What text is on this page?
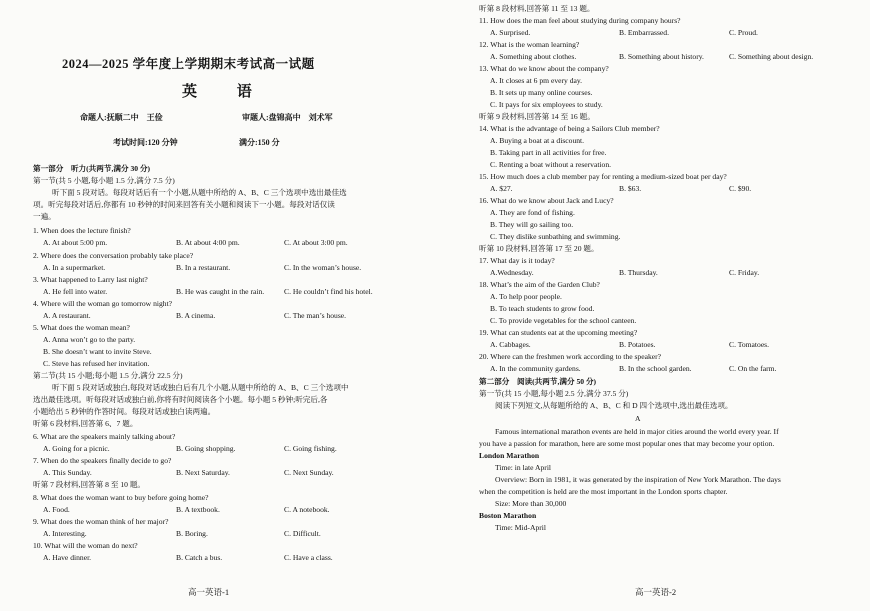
2024—2025 学年度上学期期末考试高一试题
英 语
命题人:抚顺二中　王俭	审题人:盘锦高中　刘术军
考试时间:120 分钟	满分:150 分
第一部分　听力(共两节,满分 30 分)
第一节(共 5 小题,每小题 1.5 分,满分 7.5 分)
听下面 5 段对话。每段对话后有一个小题,从题中所给的 A、B、C 三个选项中选出最佳选
项。听完每段对话后,你都有 10 秒钟的时间来回答有关小题和阅读下一小题。每段对话仅读
一遍。
1. When does the lecture finish?
A. At about 5:00 pm.	B. At about 4:00 pm.	C. At about 3:00 pm.
2. Where does the conversation probably take place?
A. In a supermarket.	B. In a restaurant.	C. In the woman’s house.
3. What happened to Larry last night?
A. He fell into water.	B. He was caught in the rain.	C. He couldn’t find his hotel.
4. Where will the woman go tomorrow night?
A. A restaurant.	B. A cinema.	C. The man’s house.
5. What does the woman mean?
A. Anna won’t go to the party.
B. She doesn’t want to invite Steve.
C. Steve has refused her invitation.
第二节(共 15 小题;每小题 1.5 分,满分 22.5 分)
听下面 5 段对话或独白,每段对话或独白后有几个小题,从题中所给的 A、B、C 三个选项中
选出最佳选项。听每段对话或独白前,你将有时间阅读各个小题。每小题 5 秒钟;听完后,各
小题给出 5 秒钟的作答时间。每段对话或独白读两遍。
听第 6 段材料,回答第 6、7 题。
6. What are the speakers mainly talking about?
A. Going for a picnic.	B. Going shopping.	C. Going fishing.
7. When do the speakers finally decide to go?
A. This Sunday.	B. Next Saturday.	C. Next Sunday.
听第 7 段材料,回答第 8 至 10 题。
8. What does the woman want to buy before going home?
A. Food.	B. A textbook.	C. A notebook.
9. What does the woman think of her major?
A. Interesting.	B. Boring.	C. Difficult.
10. What will the woman do next?
A. Have dinner.	B. Catch a bus.	C. Have a class.
高一英语-1
听第 8 段材料,回答第 11 至 13 题。
11. How does the man feel about studying during company hours?
A. Surprised.	B. Embarrassed.	C. Proud.
12. What is the woman learning?
A. Something about clothes.	B. Something about history.	C. Something about design.
13. What do we know about the company?
A. It closes at 6 pm every day.
B. It sets up many online courses.
C. It pays for six employees to study.
听第 9 段材料,回答第 14 至 16 题。
14. What is the advantage of being a Sailors Club member?
A. Buying a boat at a discount.
B. Taking part in all activities for free.
C. Renting a boat without a reservation.
15. How much does a club member pay for renting a medium-sized boat per day?
A. $27.	B. $63.	C. $90.
16. What do we know about Jack and Lucy?
A. They are fond of fishing.
B. They will go sailing too.
C. They dislike sunbathing and swimming.
听第 10 段材料,回答第 17 至 20 题。
17. What day is it today?
A.Wednesday.	B. Thursday.	C. Friday.
18. What’s the aim of the Garden Club?
A. To help poor people.
B. To teach students to grow food.
C. To provide vegetables for the school canteen.
19. What can students eat at the upcoming meeting?
A. Cabbages.	B. Potatoes.	C. Tomatoes.
20. Where can the freshmen work according to the speaker?
A. In the community gardens.	B. In the school garden.	C. On the farm.
第二部分　阅读(共两节,满分 50 分)
第一节(共 15 小题,每小题 2.5 分,满分 37.5 分)
阅读下列短文,从每题所给的 A、B、C 和 D 四个选项中,选出最佳选项。
A
Famous international marathon events are held in major cities around the world every year. If
you have a passion for marathon, here are some most popular ones that may become your option.
London Marathon
Time: in late April
Overview: Born in 1981, it was generated by the inspiration of New York Marathon. The days
when the competition is held are the most important in the London sports chapter.
Size: More than 30,000
Boston Marathon
Time: Mid-April
高一英语-2
